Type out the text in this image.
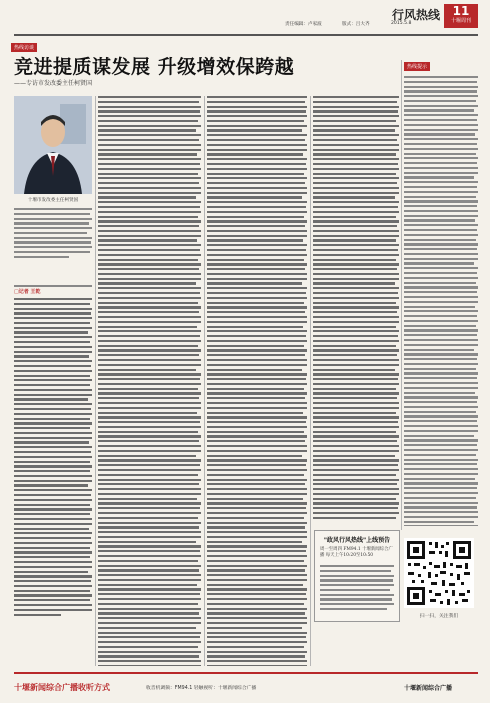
责任编辑：卢家波	版式：吕大齐	2015.5.8
行风热线	11
十堰周刊
热线访谈
竞进提质谋发展 升级增效保跨越
——专访市发改委主任柯贤国
十堰市发改委主任柯贤国
□记者 王乾
热线提示
"政风行风热线"上线预告
周一至周四 FM94.1 十堰新闻综合广播 每天上午10:20至10:50
扫一扫，关注我们
十堰新闻综合广播收听方式	收音机调频：FM94.1 轻触视听：十堰新闻综合广播	十堰新闻综合广播
